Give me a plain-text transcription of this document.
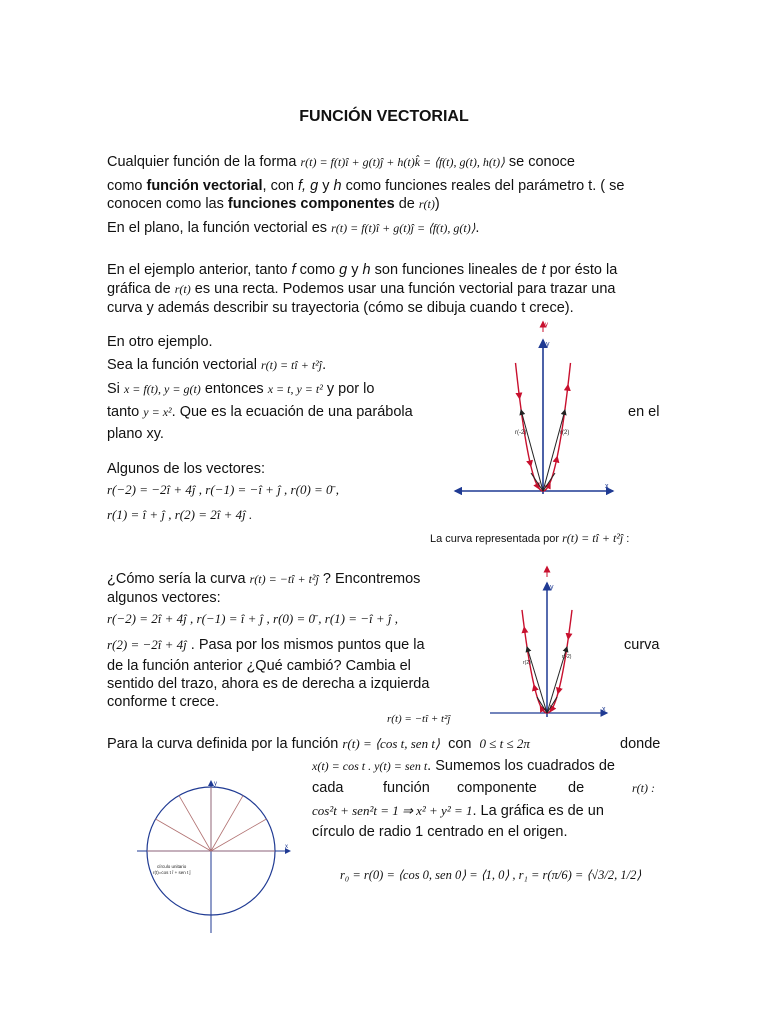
FUNCIÓN VECTORIAL
Cualquier función de la forma r(t) = f(t)î + g(t)ĵ + h(t)k̂ = ⟨f(t), g(t), h(t)⟩ se conoce
como función vectorial, con f, g y h como funciones reales del parámetro t. ( se
conocen como las funciones componentes de r(t))
En el plano, la función vectorial es r(t) = f(t)î + g(t)ĵ = ⟨f(t), g(t)⟩.
En el ejemplo anterior, tanto f como g y h son funciones lineales de t por ésto la
gráfica de r(t) es una recta. Podemos usar una función vectorial para trazar una
curva y además describir su trayectoria (cómo se dibuja cuando t crece).
En otro ejemplo.
Sea la función vectorial r(t) = tî + t²ĵ.
Si x = f(t), y = g(t) entonces x = t, y = t² y por lo
tanto y = x². Que es la ecuación de una parábola	en el
plano xy.
Algunos de los vectores:
r(−2) = −2î + 4ĵ , r(−1) = −î + ĵ , r(0) = 0̄ ,
r(1) = î + ĵ , r(2) = 2î + 4ĵ .
La curva representada por r(t) = tî + t²ĵ :
y
y
x
r(-2)	r(2)
¿Cómo sería la curva r(t) = −tî + t²ĵ ? Encontremos
algunos vectores:
r(−2) = 2î + 4ĵ , r(−1) = î + ĵ , r(0) = 0̄ , r(1) = −î + ĵ ,
r(2) = −2î + 4ĵ . Pasa por los mismos puntos que la	curva
de la función anterior ¿Qué cambió? Cambia el
sentido del trazo, ahora es de derecha a izquierda
conforme t crece.
r(t) = −tî + t²ĵ
y
x
r(2)
r(-2)
Para la curva definida por la función r(t) = ⟨cos t, sen t⟩ con 0 ≤ t ≤ 2π	donde
x(t) = cos t . y(t) = sen t. Sumemos los cuadrados de
cada	función componente de	r(t) :
cos²t + sen²t = 1 ⇒ x² + y² = 1. La gráfica es de un
círculo de radio 1 centrado en el origen.
r₀ = r(0) = ⟨cos 0, sen 0⟩ = ⟨1, 0⟩ , r₁ = r(π/6) = ⟨√3/2, 1/2⟩
x
y
círculo unitario
r(t)=cos t î + sen t ĵ
